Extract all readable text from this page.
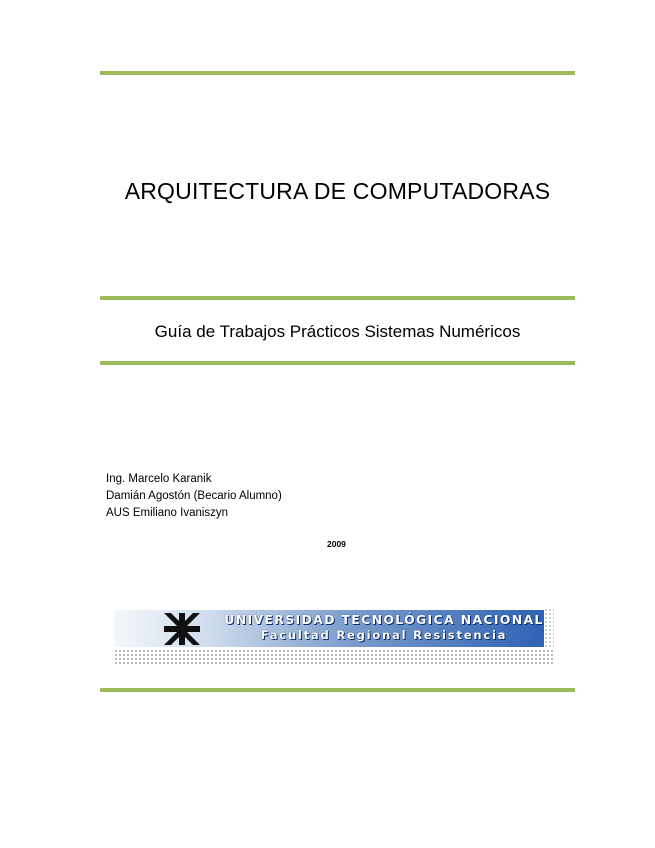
ARQUITECTURA DE COMPUTADORAS
Guía de Trabajos Prácticos Sistemas Numéricos
Ing. Marcelo Karanik
Damián Agostón (Becario Alumno)
AUS Emiliano Ivaniszyn
2009
UNIVERSIDAD TECNOLÓGICA NACIONAL
Facultad Regional Resistencia
